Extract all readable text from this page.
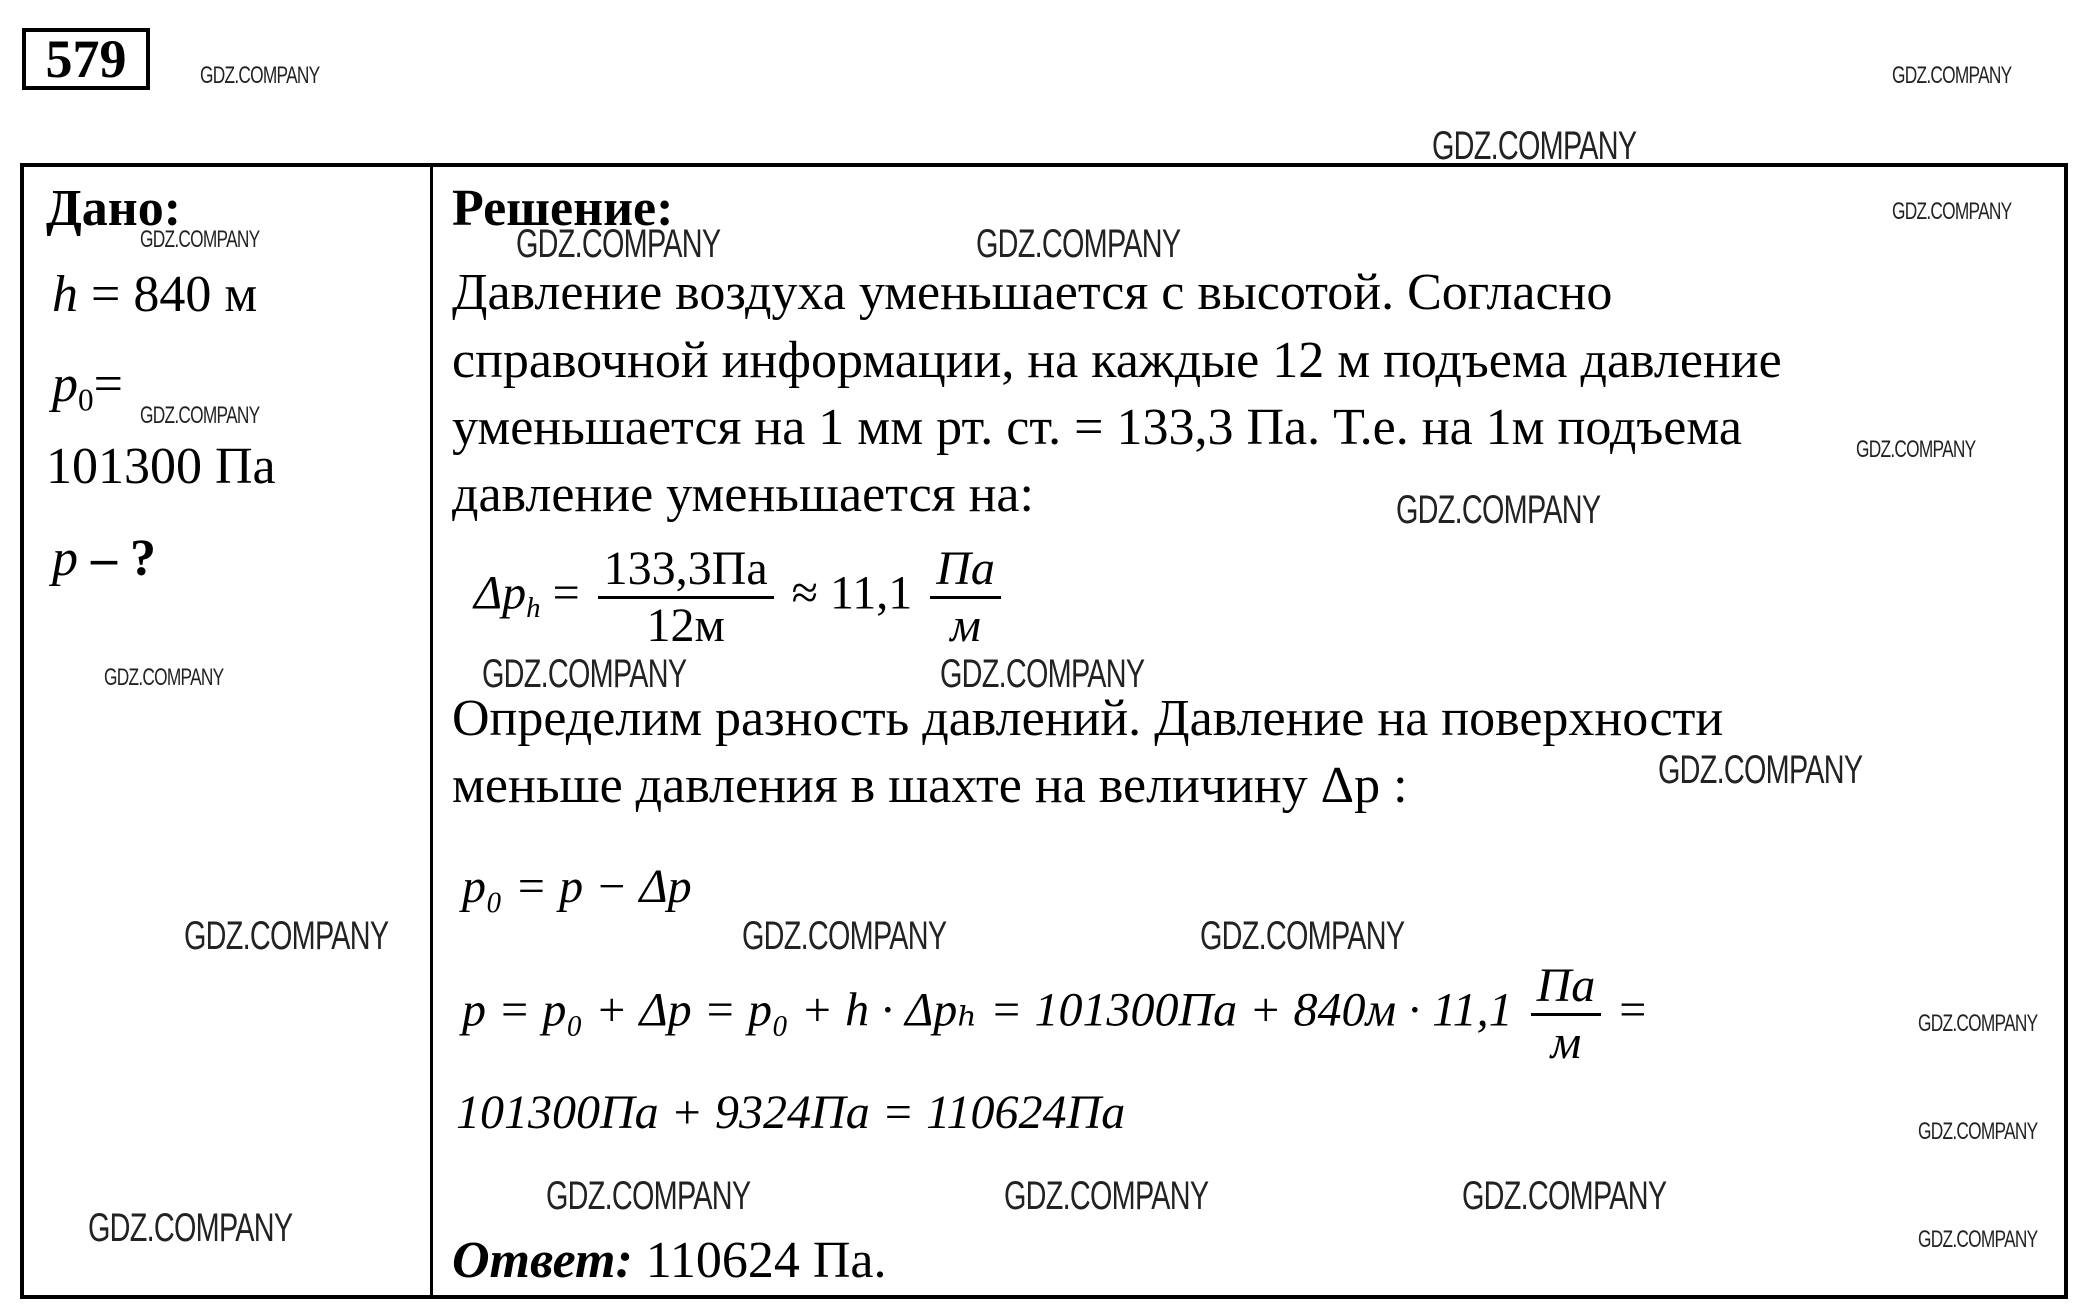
579
Дано:
h = 840 м
$p_0=$
101300 Па
p – ?
Решение:
Давление воздуха уменьшается с высотой. Согласно
справочной информации, на каждые 12 м подъема давление
уменьшается на 1 мм рт. ст. = 133,3 Па. Т.е. на 1м подъема
давление уменьшается на:
$\Delta p_h = \frac{133,3Па}{12м} \approx 11,1 \frac{Па}{м}$
Определим разность давлений. Давление на поверхности
меньше давления в шахте на величину Δp :
p₀ = p − Δp
$p = p_0 + \Delta p = p_0 + h \cdot \Delta p_h = 101300Па + 840м \cdot 11,1 \frac{Па}{м}$ =
101300Па + 9324Па = 110624Па
Ответ: 110624 Па.
GDZ.COMPANY	GDZ.COMPANY
GDZ.COMPANY
GDZ.COMPANY
GDZ.COMPANY	GDZ.COMPANY	GDZ.COMPANY
GDZ.COMPANY
GDZ.COMPANY
GDZ.COMPANY
GDZ.COMPANY	GDZ.COMPANY	GDZ.COMPANY
GDZ.COMPANY
GDZ.COMPANY	GDZ.COMPANY	GDZ.COMPANY
GDZ.COMPANY
GDZ.COMPANY
GDZ.COMPANY	GDZ.COMPANY	GDZ.COMPANY
GDZ.COMPANY	GDZ.COMPANY
